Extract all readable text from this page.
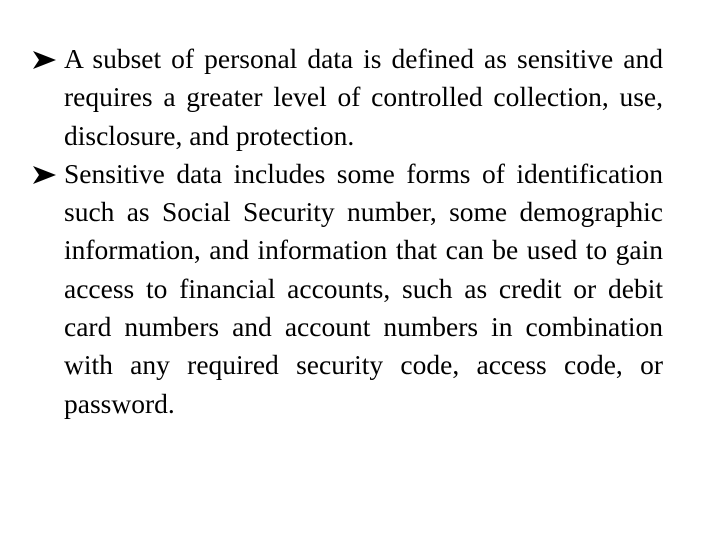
A subset of personal data is defined as sensitive and requires a greater level of controlled collection, use, disclosure, and protection.
Sensitive data includes some forms of identification such as Social Security number, some demographic information, and information that can be used to gain access to financial accounts, such as credit or debit card numbers and account numbers in combination with any required security code, access code, or password.
